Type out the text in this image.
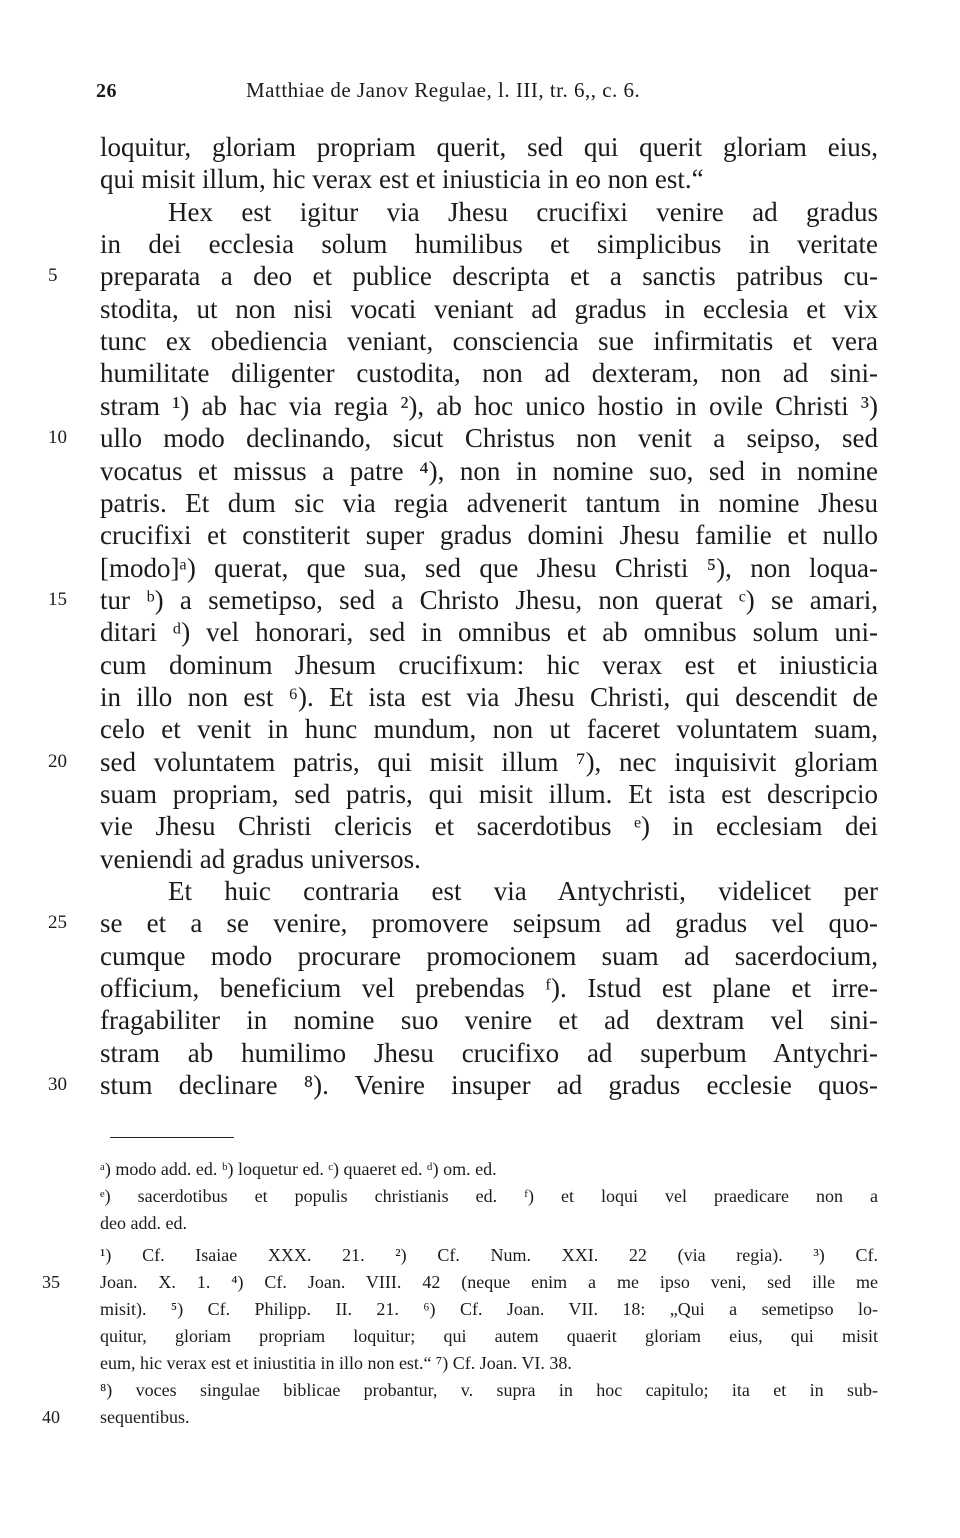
26	Matthiae de Janov Regulae, l. III, tr. 6,, c. 6.
loquitur, gloriam propriam querit, sed qui querit gloriam eius,
qui misit illum, hic verax est et iniusticia in eo non est.“
Hex est igitur via Jhesu crucifixi venire ad gradus
in dei ecclesia solum humilibus et simplicibus in veritate
preparata a deo et publice descripta et a sanctis patribus cu-
5
stodita, ut non nisi vocati veniant ad gradus in ecclesia et vix
tunc ex obediencia veniant, consciencia sue infirmitatis et vera
humilitate diligenter custodita, non ad dexteram, non ad sini-
stram ¹) ab hac via regia ²), ab hoc unico hostio in ovile Christi ³)
ullo modo declinando, sicut Christus non venit a seipso, sed
10
vocatus et missus a patre ⁴), non in nomine suo, sed in nomine
patris. Et dum sic via regia advenerit tantum in nomine Jhesu
crucifixi et constiterit super gradus domini Jhesu familie et nullo
[modo]ᵃ) querat, que sua, sed que Jhesu Christi ⁵), non loqua-
tur ᵇ) a semetipso, sed a Christo Jhesu, non querat ᶜ) se amari,
15
ditari ᵈ) vel honorari, sed in omnibus et ab omnibus solum uni-
cum dominum Jhesum crucifixum: hic verax est et iniusticia
in illo non est ⁶). Et ista est via Jhesu Christi, qui descendit de
celo et venit in hunc mundum, non ut faceret voluntatem suam,
sed voluntatem patris, qui misit illum ⁷), nec inquisivit gloriam
20
suam propriam, sed patris, qui misit illum. Et ista est descripcio
vie Jhesu Christi clericis et sacerdotibus ᵉ) in ecclesiam dei
veniendi ad gradus universos.
Et huic contraria est via Antychristi, videlicet per
se et a se venire, promovere seipsum ad gradus vel quo-
25
cumque modo procurare promocionem suam ad sacerdocium,
officium, beneficium vel prebendas ᶠ). Istud est plane et irre-
fragabiliter in nomine suo venire et ad dextram vel sini-
stram ab humilimo Jhesu crucifixo ad superbum Antychri-
stum declinare ⁸). Venire insuper ad gradus ecclesie quos-
30
ᵃ) modo add. ed. ᵇ) loquetur ed. ᶜ) quaeret ed. ᵈ) om. ed.
ᵉ) sacerdotibus et populis christianis ed. ᶠ) et loqui vel praedicare non a
deo add. ed.
¹) Cf. Isaiae XXX. 21. ²) Cf. Num. XXI. 22 (via regia). ³) Cf.
Joan. X. 1. ⁴) Cf. Joan. VIII. 42 (neque enim a me ipso veni, sed ille me
35
misit). ⁵) Cf. Philipp. II. 21. ⁶) Cf. Joan. VII. 18: „Qui a semetipso lo-
quitur, gloriam propriam loquitur; qui autem quaerit gloriam eius, qui misit
eum, hic verax est et iniustitia in illo non est.“ ⁷) Cf. Joan. VI. 38.
⁸) voces singulae biblicae probantur, v. supra in hoc capitulo; ita et in sub-
sequentibus.
40
